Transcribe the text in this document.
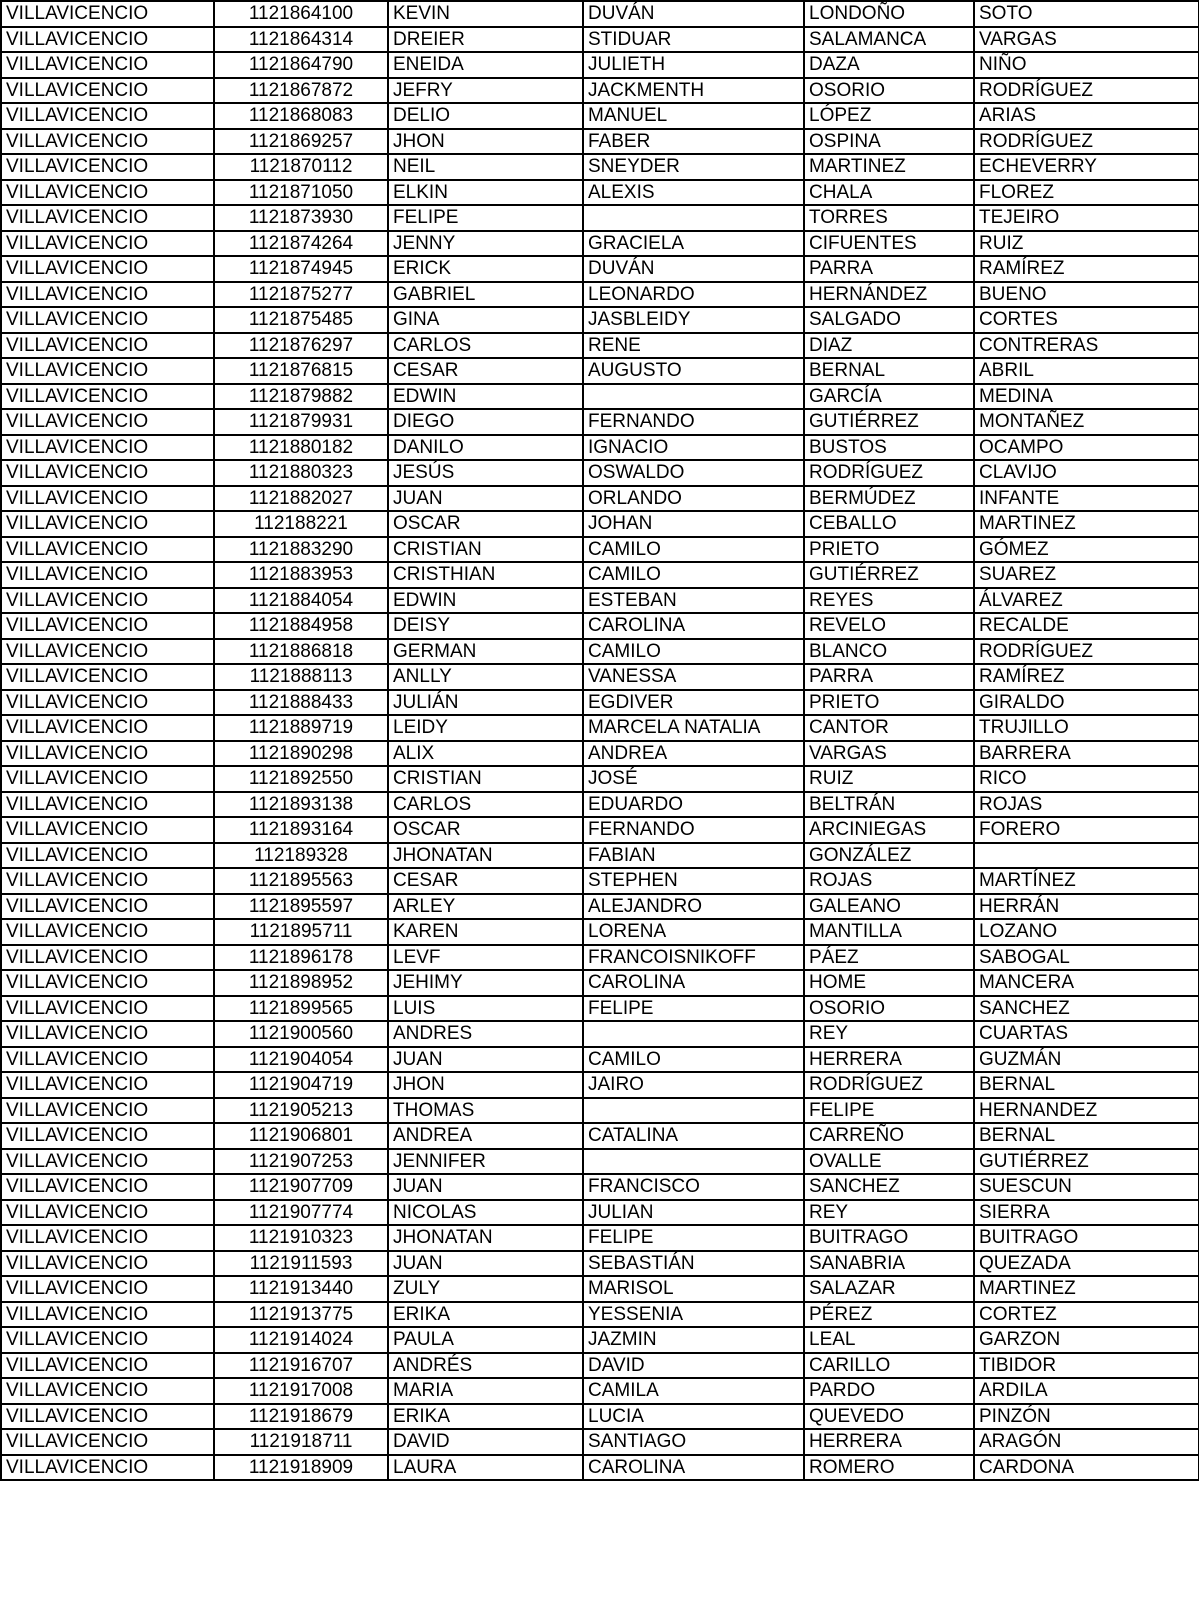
VILLAVICENCIO	1121864100	KEVIN	DUVÁN	LONDOÑO	SOTO
VILLAVICENCIO	1121864314	DREIER	STIDUAR	SALAMANCA	VARGAS
VILLAVICENCIO	1121864790	ENEIDA	JULIETH	DAZA	NIÑO
VILLAVICENCIO	1121867872	JEFRY	JACKMENTH	OSORIO	RODRÍGUEZ
VILLAVICENCIO	1121868083	DELIO	MANUEL	LÓPEZ	ARIAS
VILLAVICENCIO	1121869257	JHON	FABER	OSPINA	RODRÍGUEZ
VILLAVICENCIO	1121870112	NEIL	SNEYDER	MARTINEZ	ECHEVERRY
VILLAVICENCIO	1121871050	ELKIN	ALEXIS	CHALA	FLOREZ
VILLAVICENCIO	1121873930	FELIPE		TORRES	TEJEIRO
VILLAVICENCIO	1121874264	JENNY	GRACIELA	CIFUENTES	RUIZ
VILLAVICENCIO	1121874945	ERICK	DUVÁN	PARRA	RAMÍREZ
VILLAVICENCIO	1121875277	GABRIEL	LEONARDO	HERNÁNDEZ	BUENO
VILLAVICENCIO	1121875485	GINA	JASBLEIDY	SALGADO	CORTES
VILLAVICENCIO	1121876297	CARLOS	RENE	DIAZ	CONTRERAS
VILLAVICENCIO	1121876815	CESAR	AUGUSTO	BERNAL	ABRIL
VILLAVICENCIO	1121879882	EDWIN		GARCÍA	MEDINA
VILLAVICENCIO	1121879931	DIEGO	FERNANDO	GUTIÉRREZ	MONTAÑEZ
VILLAVICENCIO	1121880182	DANILO	IGNACIO	BUSTOS	OCAMPO
VILLAVICENCIO	1121880323	JESÚS	OSWALDO	RODRÍGUEZ	CLAVIJO
VILLAVICENCIO	1121882027	JUAN	ORLANDO	BERMÚDEZ	INFANTE
VILLAVICENCIO	112188221	OSCAR	JOHAN	CEBALLO	MARTINEZ
VILLAVICENCIO	1121883290	CRISTIAN	CAMILO	PRIETO	GÓMEZ
VILLAVICENCIO	1121883953	CRISTHIAN	CAMILO	GUTIÉRREZ	SUAREZ
VILLAVICENCIO	1121884054	EDWIN	ESTEBAN	REYES	ÁLVAREZ
VILLAVICENCIO	1121884958	DEISY	CAROLINA	REVELO	RECALDE
VILLAVICENCIO	1121886818	GERMAN	CAMILO	BLANCO	RODRÍGUEZ
VILLAVICENCIO	1121888113	ANLLY	VANESSA	PARRA	RAMÍREZ
VILLAVICENCIO	1121888433	JULIÁN	EGDIVER	PRIETO	GIRALDO
VILLAVICENCIO	1121889719	LEIDY	MARCELA NATALIA	CANTOR	TRUJILLO
VILLAVICENCIO	1121890298	ALIX	ANDREA	VARGAS	BARRERA
VILLAVICENCIO	1121892550	CRISTIAN	JOSÉ	RUIZ	RICO
VILLAVICENCIO	1121893138	CARLOS	EDUARDO	BELTRÁN	ROJAS
VILLAVICENCIO	1121893164	OSCAR	FERNANDO	ARCINIEGAS	FORERO
VILLAVICENCIO	112189328	JHONATAN	FABIAN	GONZÁLEZ	
VILLAVICENCIO	1121895563	CESAR	STEPHEN	ROJAS	MARTÍNEZ
VILLAVICENCIO	1121895597	ARLEY	ALEJANDRO	GALEANO	HERRÁN
VILLAVICENCIO	1121895711	KAREN	LORENA	MANTILLA	LOZANO
VILLAVICENCIO	1121896178	LEVF	FRANCOISNIKOFF	PÁEZ	SABOGAL
VILLAVICENCIO	1121898952	JEHIMY	CAROLINA	HOME	MANCERA
VILLAVICENCIO	1121899565	LUIS	FELIPE	OSORIO	SANCHEZ
VILLAVICENCIO	1121900560	ANDRES		REY	CUARTAS
VILLAVICENCIO	1121904054	JUAN	CAMILO	HERRERA	GUZMÁN
VILLAVICENCIO	1121904719	JHON	JAIRO	RODRÍGUEZ	BERNAL
VILLAVICENCIO	1121905213	THOMAS		FELIPE	HERNANDEZ
VILLAVICENCIO	1121906801	ANDREA	CATALINA	CARREÑO	BERNAL
VILLAVICENCIO	1121907253	JENNIFER		OVALLE	GUTIÉRREZ
VILLAVICENCIO	1121907709	JUAN	FRANCISCO	SANCHEZ	SUESCUN
VILLAVICENCIO	1121907774	NICOLAS	JULIAN	REY	SIERRA
VILLAVICENCIO	1121910323	JHONATAN	FELIPE	BUITRAGO	BUITRAGO
VILLAVICENCIO	1121911593	JUAN	SEBASTIÁN	SANABRIA	QUEZADA
VILLAVICENCIO	1121913440	ZULY	MARISOL	SALAZAR	MARTINEZ
VILLAVICENCIO	1121913775	ERIKA	YESSENIA	PÉREZ	CORTEZ
VILLAVICENCIO	1121914024	PAULA	JAZMIN	LEAL	GARZON
VILLAVICENCIO	1121916707	ANDRÉS	DAVID	CARILLO	TIBIDOR
VILLAVICENCIO	1121917008	MARIA	CAMILA	PARDO	ARDILA
VILLAVICENCIO	1121918679	ERIKA	LUCIA	QUEVEDO	PINZÓN
VILLAVICENCIO	1121918711	DAVID	SANTIAGO	HERRERA	ARAGÓN
VILLAVICENCIO	1121918909	LAURA	CAROLINA	ROMERO	CARDONA
